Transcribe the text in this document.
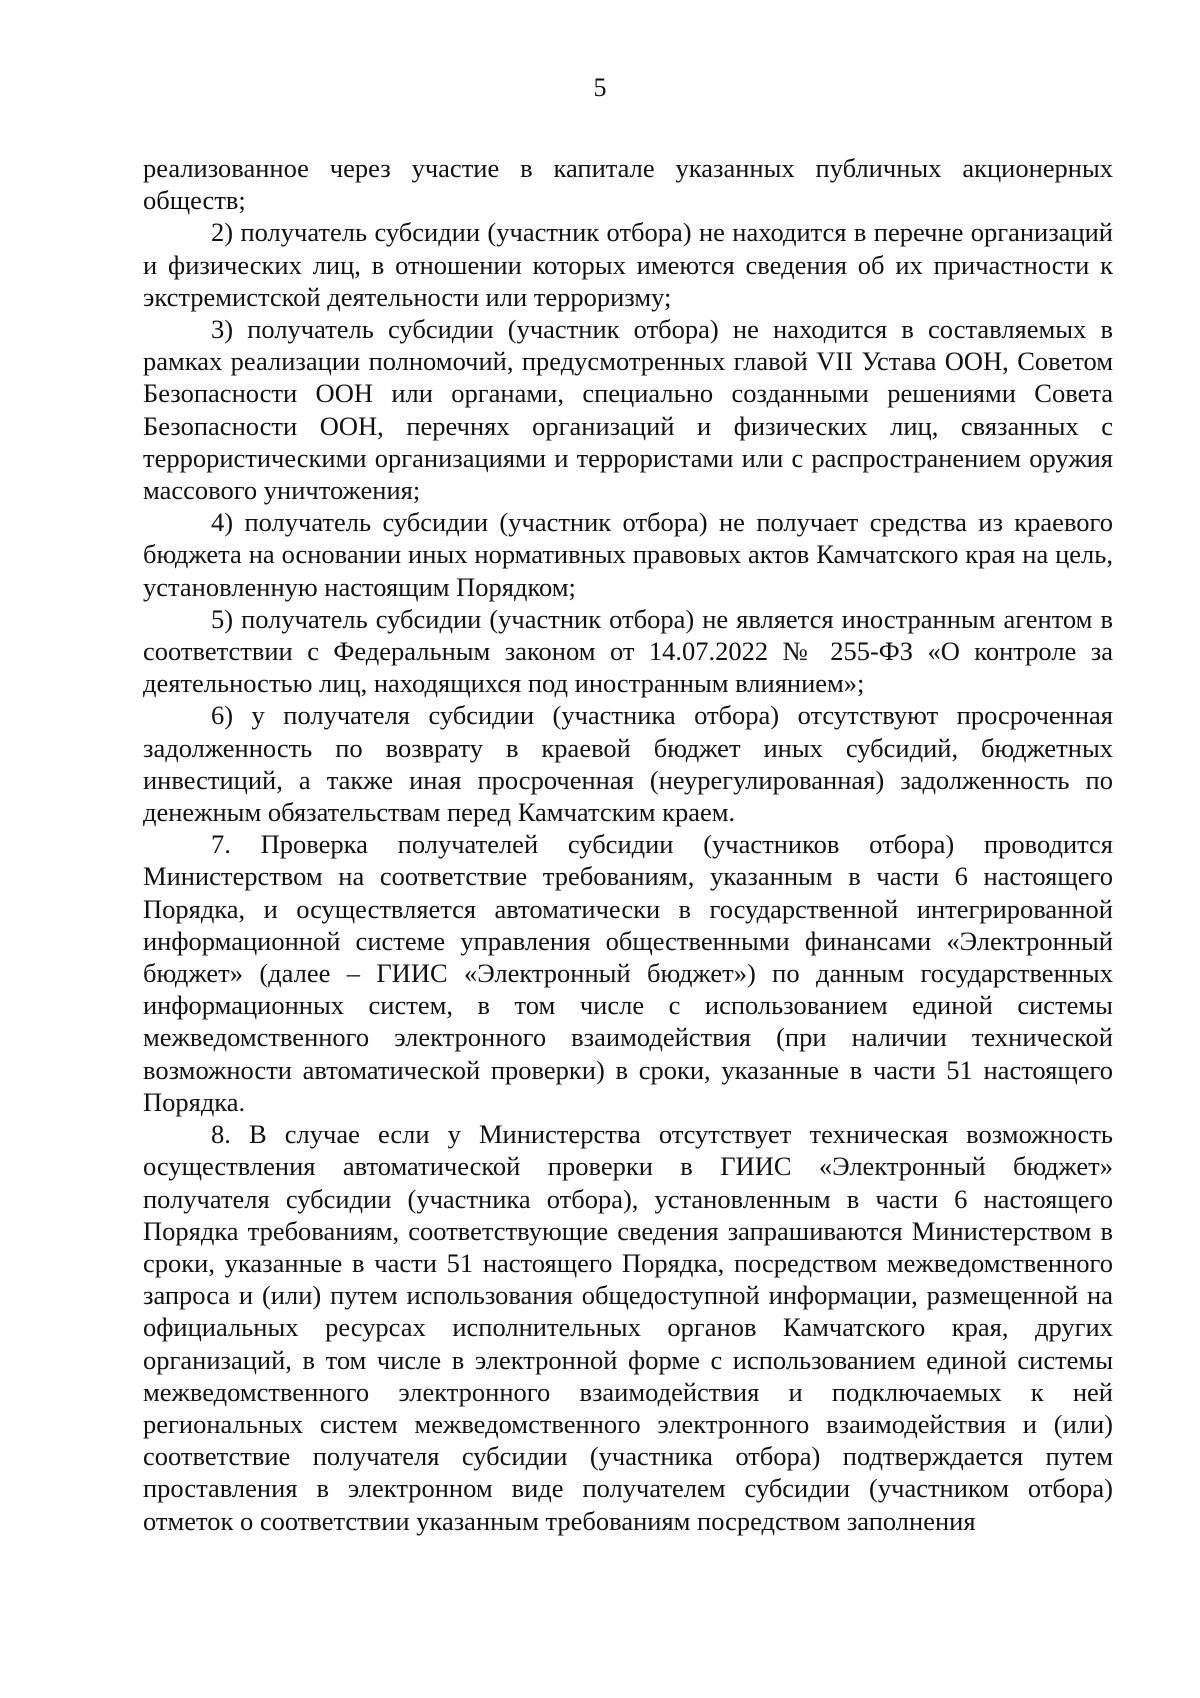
5

реализованное через участие в капитале указанных публичных акционерных обществ;

2) получатель субсидии (участник отбора) не находится в перечне организаций и физических лиц, в отношении которых имеются сведения об их причастности к экстремистской деятельности или терроризму;

3) получатель субсидии (участник отбора) не находится в составляемых в рамках реализации полномочий, предусмотренных главой VII Устава ООН, Советом Безопасности ООН или органами, специально созданными решениями Совета Безопасности ООН, перечнях организаций и физических лиц, связанных с террористическими организациями и террористами или с распространением оружия массового уничтожения;

4) получатель субсидии (участник отбора) не получает средства из краевого бюджета на основании иных нормативных правовых актов Камчатского края на цель, установленную настоящим Порядком;

5) получатель субсидии (участник отбора) не является иностранным агентом в соответствии с Федеральным законом от 14.07.2022 № 255-ФЗ «О контроле за деятельностью лиц, находящихся под иностранным влиянием»;

6) у получателя субсидии (участника отбора) отсутствуют просроченная задолженность по возврату в краевой бюджет иных субсидий, бюджетных инвестиций, а также иная просроченная (неурегулированная) задолженность по денежным обязательствам перед Камчатским краем.

7. Проверка получателей субсидии (участников отбора) проводится Министерством на соответствие требованиям, указанным в части 6 настоящего Порядка, и осуществляется автоматически в государственной интегрированной информационной системе управления общественными финансами «Электронный бюджет» (далее – ГИИС «Электронный бюджет») по данным государственных информационных систем, в том числе с использованием единой системы межведомственного электронного взаимодействия (при наличии технической возможности автоматической проверки) в сроки, указанные в части 51 настоящего Порядка.

8. В случае если у Министерства отсутствует техническая возможность осуществления автоматической проверки в ГИИС «Электронный бюджет» получателя субсидии (участника отбора), установленным в части 6 настоящего Порядка требованиям, соответствующие сведения запрашиваются Министерством в сроки, указанные в части 51 настоящего Порядка, посредством межведомственного запроса и (или) путем использования общедоступной информации, размещенной на официальных ресурсах исполнительных органов Камчатского края, других организаций, в том числе в электронной форме с использованием единой системы межведомственного электронного взаимодействия и подключаемых к ней региональных систем межведомственного электронного взаимодействия и (или) соответствие получателя субсидии (участника отбора) подтверждается путем проставления в электронном виде получателем субсидии (участником отбора) отметок о соответствии указанным требованиям посредством заполнения
